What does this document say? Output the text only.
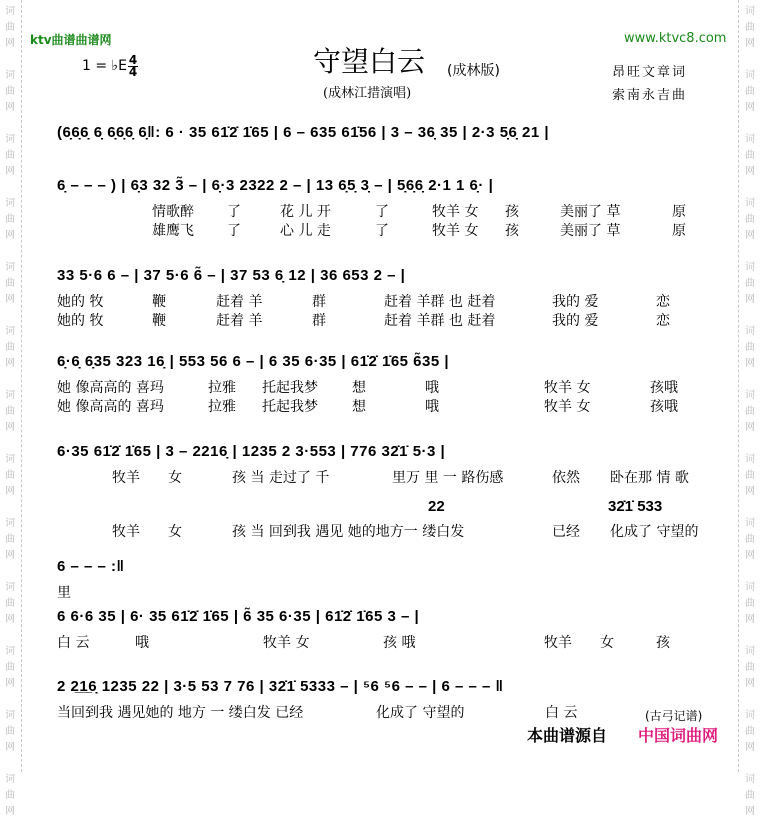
词
曲
网
词
曲
网
词
曲
网
词
曲
网
词
曲
网
词
曲
网
词
曲
网
词
曲
网
词
曲
网
词
曲
网
词
曲
网
词
曲
网
词
曲
网
词
曲
网
词
曲
网
词
曲
网
词
曲
网
词
曲
网
词
曲
网
词
曲
网
词
曲
网
词
曲
网
词
曲
网
词
曲
网
词
曲
网
词
曲
网
ktv曲谱曲谱网	www.ktvc8.com
1 = ♭E 4
4	守望白云 (成林版)
(成林江措演唱)
昂旺文章词
索南永吉曲
(6̣6̣6̣ 6̣ 6̣6̣6̣ 6̣‖: 6 · 35 61̇2̇ 1̇65 | 6 – 635 61̇56 | 3 – 36̣ 35 | 2·3 5̣6̣ 21 |
6̣ – – – ) | 6̣3 32 3̃ – | 6̣·3 2322 2 – | 13 6̣5̣ 3̣ – | 5̣6̣6̣ 2·1 1 6̣· |
情歌醉 了	花 儿 开	了	牧羊 女 孩	美丽了 草	原
雄鹰飞 了	心 儿 走	了	牧羊 女 孩	美丽了 草	原
33 5·6 6 – | 37 5·6 6̃ – | 37 53 6̣ 12 | 36 653 2 – |
她的 牧	鞭	赶着 羊	群	赶着 羊群 也 赶着	我的 爱	恋
她的 牧	鞭	赶着 羊	群	赶着 羊群 也 赶着	我的 爱	恋
6̣·6̣ 6̣35 323 16̣ | 553 56 6 – | 6 35 6·35 | 61̇2̇ 1̇65 6̃35 |
她 像高高的 喜玛	拉雅 托起我梦 想	哦	牧羊 女	孩哦
她 像高高的 喜玛	拉雅 托起我梦 想	哦	牧羊 女	孩哦
6·35 61̇2̇ 1̇65 | 3 – 2216̣ | 1235 2 3·553 | 776 32̇1̇ 5·3 |
牧羊 女	孩 当 走过了 千	里万 里 一 路伤感	依然 卧在那 情 歌
22	32̇1̇ 533
牧羊 女	孩 当 回到我 遇见 她的地方一 缕白发	已经 化成了 守望的
6 – – – :‖
里
6 6·6 35 | 6· 35 61̇2̇ 1̇65 | 6̃ 35 6·35 | 61̇2̇ 1̇65 3 – |
白 云	哦	牧羊 女	孩 哦	牧羊 女	孩
2 2̲1̲6̣ 1235 22 | 3·5 53 7 76 | 32̇1̇ 5333 – | ⁵6 ⁵6 – – | 6 – – – ‖
当回到我 遇见她的 地方 一 缕白发 已经	化成了 守望的	白 云	(古弓记谱)
本曲谱源自 中国词曲网
